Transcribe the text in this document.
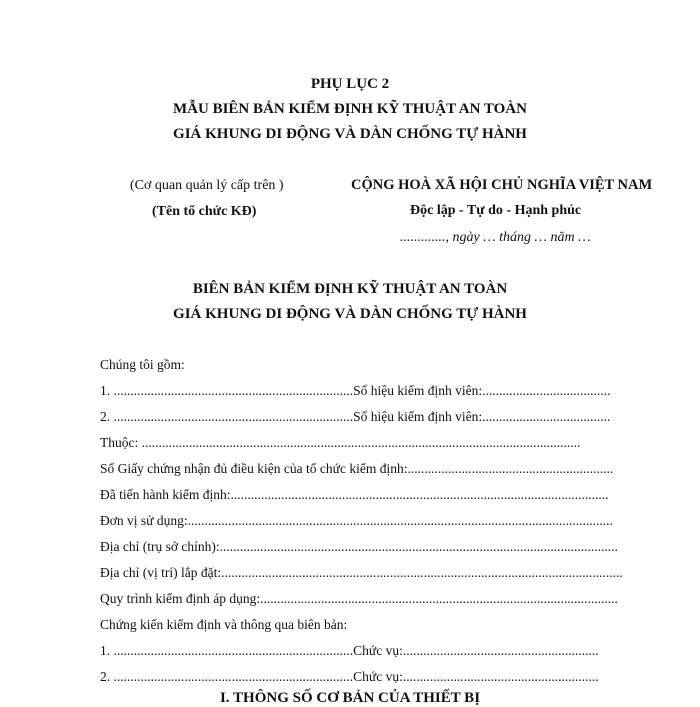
PHỤ LỤC 2
MẪU BIÊN BẢN KIỂM ĐỊNH KỸ THUẬT AN TOÀN
GIÁ KHUNG DI ĐỘNG VÀ DÀN CHỐNG TỰ HÀNH
(Cơ quan quản lý cấp trên )
(Tên tổ chức KĐ)
CỘNG HOÀ XÃ HỘI CHỦ NGHĨA VIỆT NAM
Độc lập - Tự do - Hạnh phúc
............., ngày … tháng … năm …
BIÊN BẢN KIỂM ĐỊNH KỸ THUẬT AN TOÀN
GIÁ KHUNG DI ĐỘNG VÀ DÀN CHỐNG TỰ HÀNH
Chúng tôi gồm:
1. .......................................................................Số hiệu kiểm định viên:......................................
2. .......................................................................Số hiệu kiểm định viên:......................................
Thuộc: ..................................................................................................................................
Số Giấy chứng nhận đủ điều kiện của tổ chức kiểm định:.............................................................
Đã tiến hành kiểm định:................................................................................................................
Đơn vị sử dụng:..............................................................................................................................
Địa chỉ (trụ sở chính):......................................................................................................................
Địa chỉ (vị trí) lắp đặt:.......................................................................................................................
Quy trình kiểm định áp dụng:..........................................................................................................
Chứng kiến kiểm định và thông qua biên bản:
1. .......................................................................Chức vụ:..........................................................
2. .......................................................................Chức vụ:..........................................................
I. THÔNG SỐ CƠ BẢN CỦA THIẾT BỊ
